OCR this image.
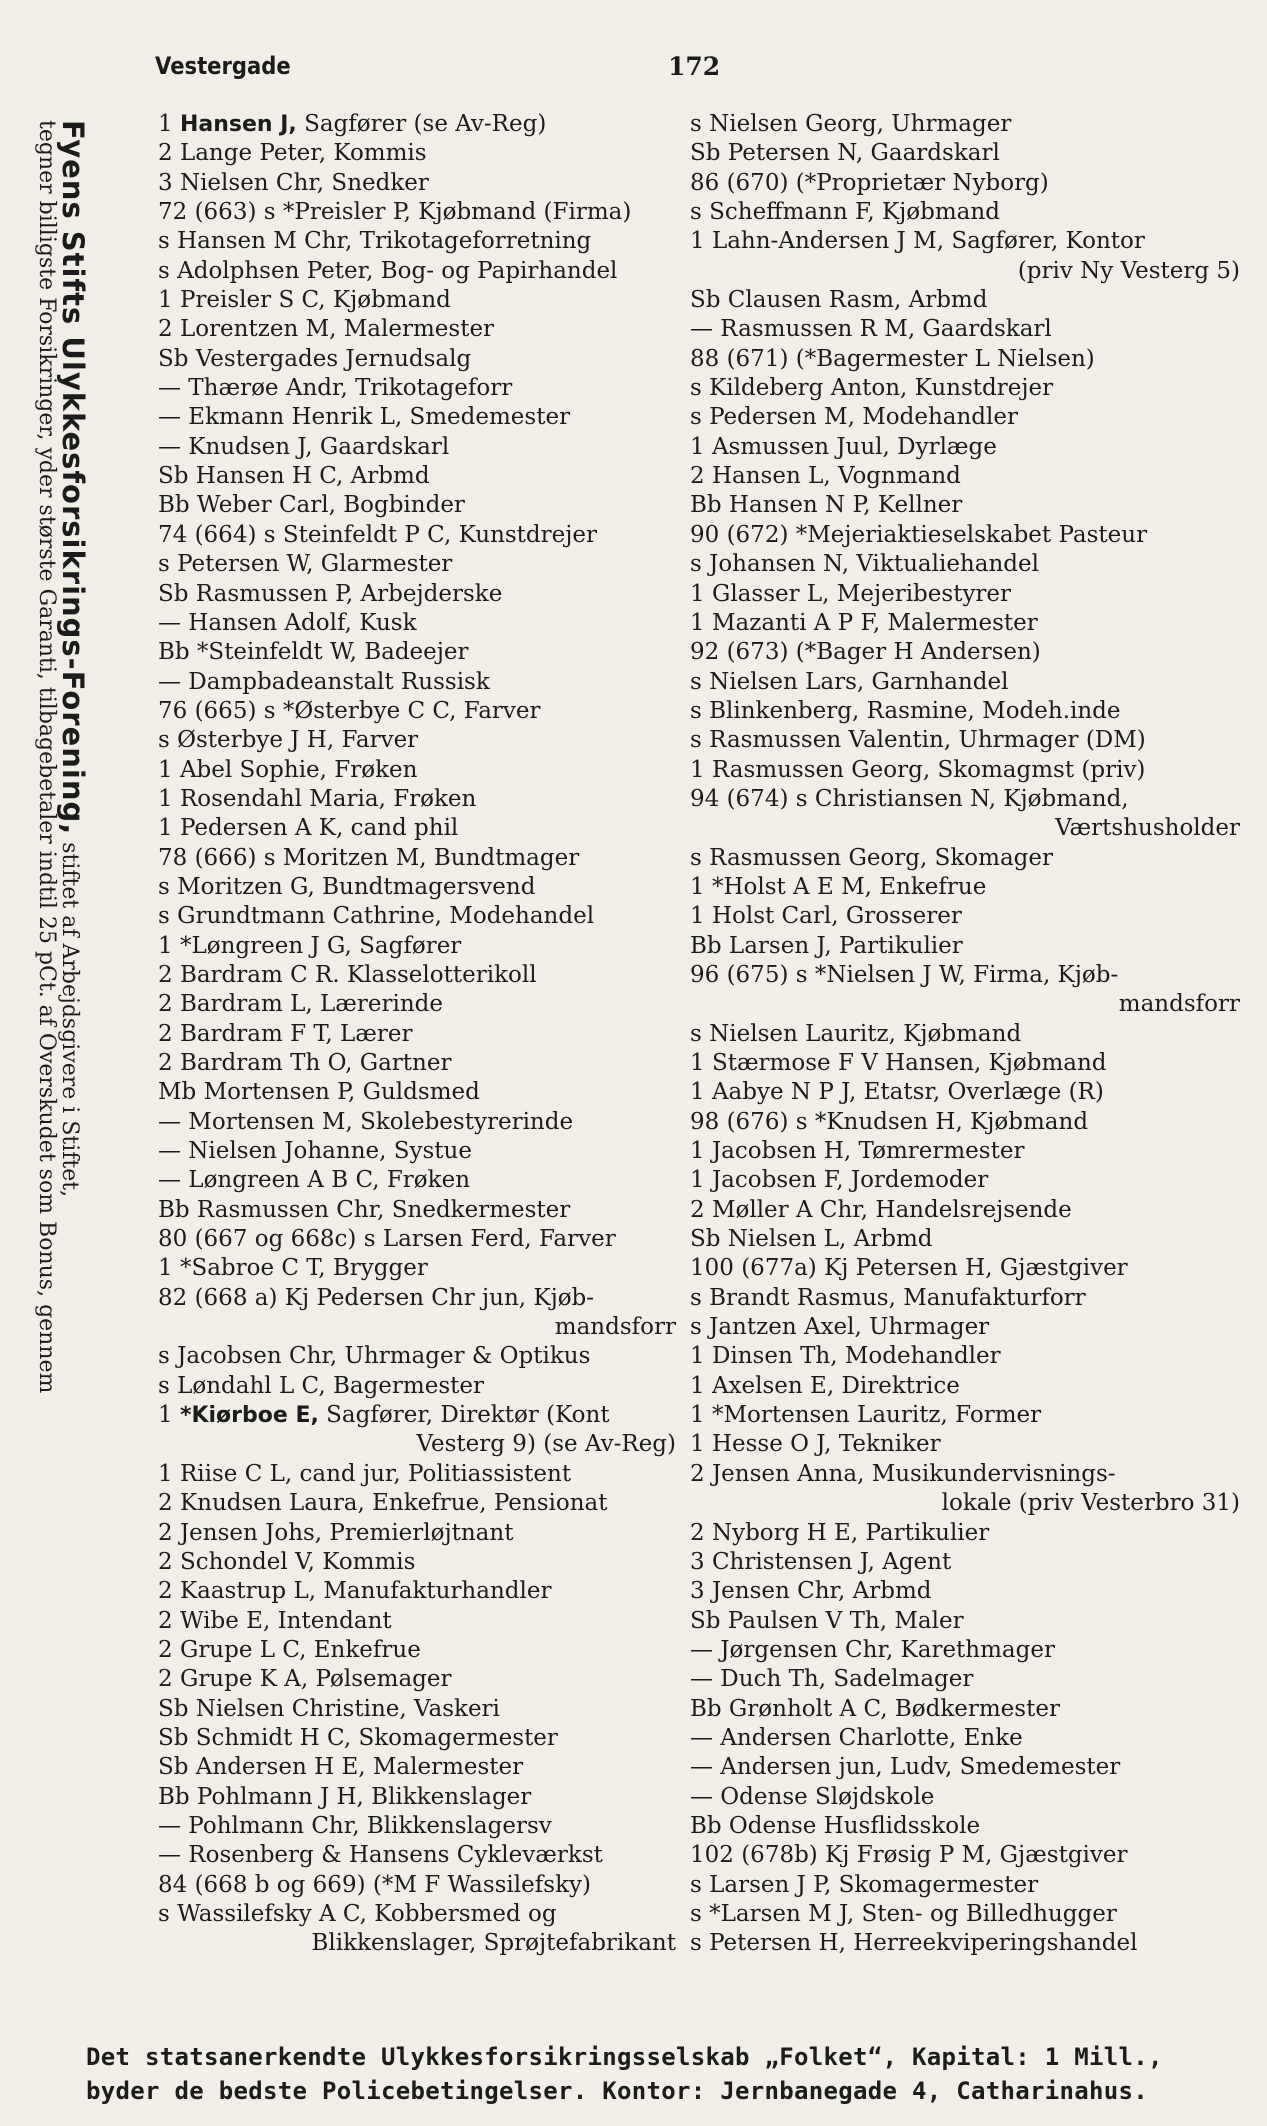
Vestergade	172
Fyens Stifts Ulykkesforsikrings-Forening, stiftet af Arbejdsgivere i Stiftet,
tegner billigste Forsikringer, yder største Garanti, tilbagebetaler indtil 25 pCt. af Overskudet som Bonus, gennem	1 Hansen J, Sagfører (se Av-Reg)
2 Lange Peter, Kommis
3 Nielsen Chr, Snedker
72 (663) s *Preisler P, Kjøbmand (Firma)
s Hansen M Chr, Trikotageforretning
s Adolphsen Peter, Bog- og Papirhandel
1 Preisler S C, Kjøbmand
2 Lorentzen M, Malermester
Sb Vestergades Jernudsalg
— Thærøe Andr, Trikotageforr
— Ekmann Henrik L, Smedemester
— Knudsen J, Gaardskarl
Sb Hansen H C, Arbmd
Bb Weber Carl, Bogbinder
74 (664) s Steinfeldt P C, Kunstdrejer
s Petersen W, Glarmester
Sb Rasmussen P, Arbejderske
— Hansen Adolf, Kusk
Bb *Steinfeldt W, Badeejer
— Dampbadeanstalt Russisk
76 (665) s *Østerbye C C, Farver
s Østerbye J H, Farver
1 Abel Sophie, Frøken
1 Rosendahl Maria, Frøken
1 Pedersen A K, cand phil
78 (666) s Moritzen M, Bundtmager
s Moritzen G, Bundtmagersvend
s Grundtmann Cathrine, Modehandel
1 *Løngreen J G, Sagfører
2 Bardram C R. Klasselotterikoll
2 Bardram L, Lærerinde
2 Bardram F T, Lærer
2 Bardram Th O, Gartner
Mb Mortensen P, Guldsmed
— Mortensen M, Skolebestyrerinde
— Nielsen Johanne, Systue
— Løngreen A B C, Frøken
Bb Rasmussen Chr, Snedkermester
80 (667 og 668c) s Larsen Ferd, Farver
1 *Sabroe C T, Brygger
82 (668 a) Kj Pedersen Chr jun, Kjøb-
mandsforr
s Jacobsen Chr, Uhrmager & Optikus
s Løndahl L C, Bagermester
1 *Kiørboe E, Sagfører, Direktør (Kont
Vesterg 9) (se Av-Reg)
1 Riise C L, cand jur, Politiassistent
2 Knudsen Laura, Enkefrue, Pensionat
2 Jensen Johs, Premierløjtnant
2 Schondel V, Kommis
2 Kaastrup L, Manufakturhandler
2 Wibe E, Intendant
2 Grupe L C, Enkefrue
2 Grupe K A, Pølsemager
Sb Nielsen Christine, Vaskeri
Sb Schmidt H C, Skomagermester
Sb Andersen H E, Malermester
Bb Pohlmann J H, Blikkenslager
— Pohlmann Chr, Blikkenslagersv
— Rosenberg & Hansens Cykleværkst
84 (668 b og 669) (*M F Wassilefsky)
s Wassilefsky A C, Kobbersmed og
Blikkenslager, Sprøjtefabrikant
s Nielsen Georg, Uhrmager
Sb Petersen N, Gaardskarl
86 (670) (*Proprietær Nyborg)
s Scheffmann F, Kjøbmand
1 Lahn-Andersen J M, Sagfører, Kontor
(priv Ny Vesterg 5)
Sb Clausen Rasm, Arbmd
— Rasmussen R M, Gaardskarl
88 (671) (*Bagermester L Nielsen)
s Kildeberg Anton, Kunstdrejer
s Pedersen M, Modehandler
1 Asmussen Juul, Dyrlæge
2 Hansen L, Vognmand
Bb Hansen N P, Kellner
90 (672) *Mejeriaktieselskabet Pasteur
s Johansen N, Viktualiehandel
1 Glasser L, Mejeribestyrer
1 Mazanti A P F, Malermester
92 (673) (*Bager H Andersen)
s Nielsen Lars, Garnhandel
s Blinkenberg, Rasmine, Modeh.inde
s Rasmussen Valentin, Uhrmager (DM)
1 Rasmussen Georg, Skomagmst (priv)
94 (674) s Christiansen N, Kjøbmand,
Værtshusholder
s Rasmussen Georg, Skomager
1 *Holst A E M, Enkefrue
1 Holst Carl, Grosserer
Bb Larsen J, Partikulier
96 (675) s *Nielsen J W, Firma, Kjøb-
mandsforr
s Nielsen Lauritz, Kjøbmand
1 Stærmose F V Hansen, Kjøbmand
1 Aabye N P J, Etatsr, Overlæge (R)
98 (676) s *Knudsen H, Kjøbmand
1 Jacobsen H, Tømrermester
1 Jacobsen F, Jordemoder
2 Møller A Chr, Handelsrejsende
Sb Nielsen L, Arbmd
100 (677a) Kj Petersen H, Gjæstgiver
s Brandt Rasmus, Manufakturforr
s Jantzen Axel, Uhrmager
1 Dinsen Th, Modehandler
1 Axelsen E, Direktrice
1 *Mortensen Lauritz, Former
1 Hesse O J, Tekniker
2 Jensen Anna, Musikundervisnings-
lokale (priv Vesterbro 31)
2 Nyborg H E, Partikulier
3 Christensen J, Agent
3 Jensen Chr, Arbmd
Sb Paulsen V Th, Maler
— Jørgensen Chr, Karethmager
— Duch Th, Sadelmager
Bb Grønholt A C, Bødkermester
— Andersen Charlotte, Enke
— Andersen jun, Ludv, Smedemester
— Odense Sløjdskole
Bb Odense Husflidsskole
102 (678b) Kj Frøsig P M, Gjæstgiver
s Larsen J P, Skomagermester
s *Larsen M J, Sten- og Billedhugger
s Petersen H, Herreekviperingshandel
Det statsanerkendte Ulykkesforsikringsselskab „Folket“, Kapital: 1 Mill.,
byder de bedste Policebetingelser. Kontor: Jernbanegade 4, Catharinahus.
